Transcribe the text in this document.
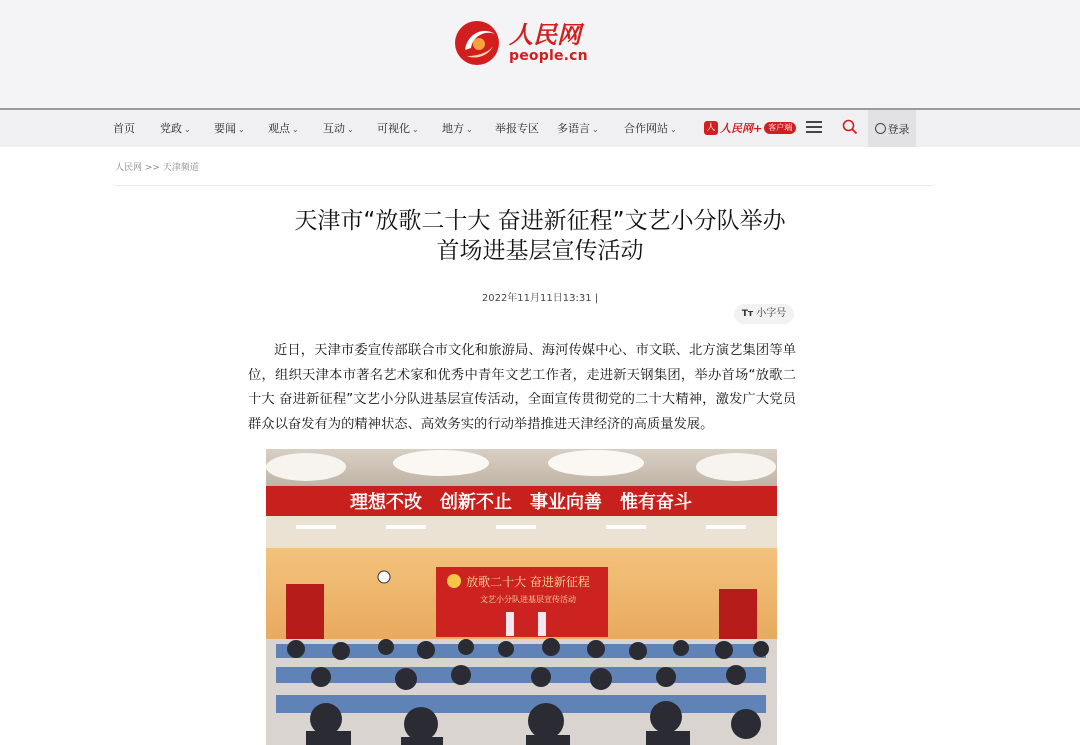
人民网
people.cn
首页 党政 ⌄ 要闻 ⌄ 观点 ⌄ 互动 ⌄ 可视化 ⌄ 地方 ⌄ 举报专区 多语言 ⌄ 合作网站 ⌄	人 人民网+ 客户端	登录
人民网 >> 天津频道
天津市“放歌二十大 奋进新征程”文艺小分队举办
首场进基层宣传活动
2022年11月11日13:31 |
Tт 小字号
近日，天津市委宣传部联合市文化和旅游局、海河传媒中心、市文联、北方演艺集团等单位，组织天津本市著名艺术家和优秀中青年文艺工作者，走进新天钢集团，举办首场“放歌二十大 奋进新征程”文艺小分队进基层宣传活动，全面宣传贯彻党的二十大精神，激发广大党员群众以奋发有为的精神状态、高效务实的行动举措推进天津经济的高质量发展。
理想不改　创新不止　事业向善　惟有奋斗
放歌二十大 奋进新征程
文艺小分队进基层宣传活动
